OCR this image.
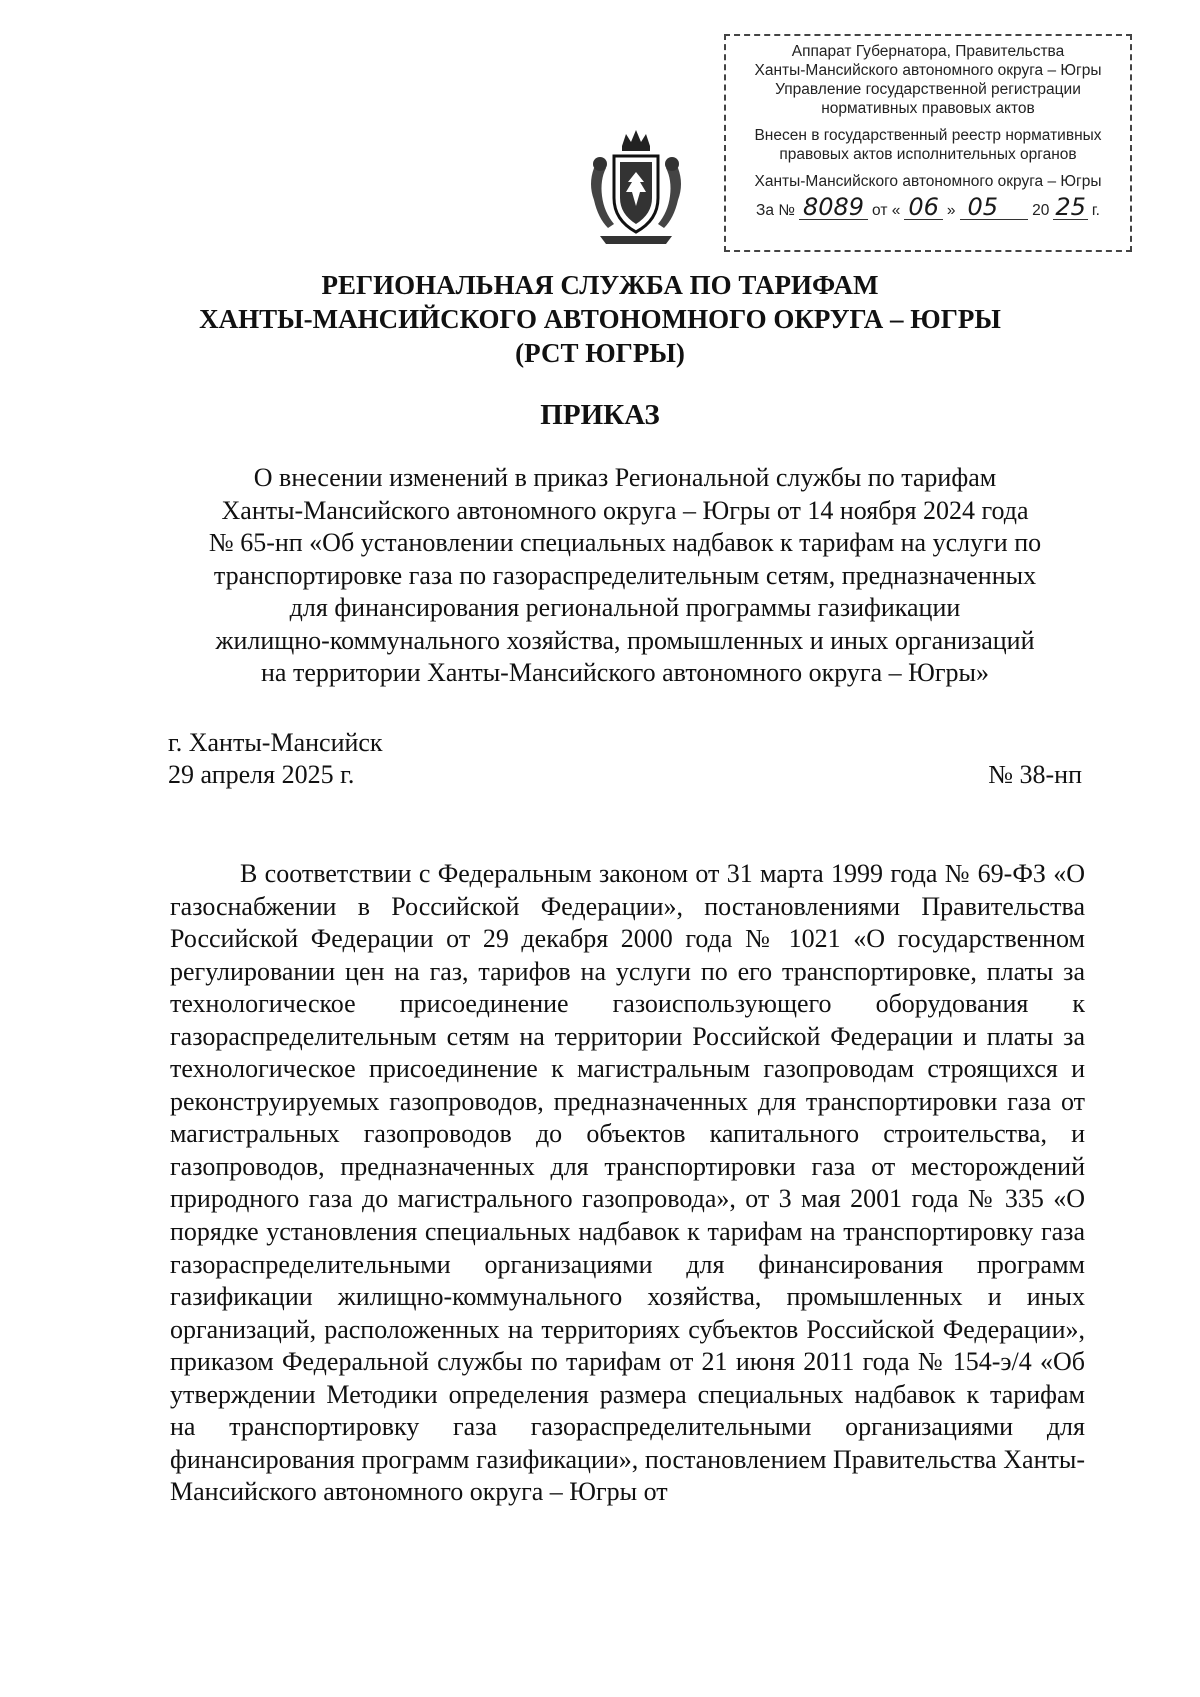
Аппарат Губернатора, Правительства
Ханты-Мансийского автономного округа – Югры
Управление государственной регистрации
нормативных правовых актов
Внесен в государственный реестр нормативных
правовых актов исполнительных органов
Ханты-Мансийского автономного округа – Югры
За № 8089 от « 06 » 05	20 25 г.
РЕГИОНАЛЬНАЯ СЛУЖБА ПО ТАРИФАМ
ХАНТЫ-МАНСИЙСКОГО АВТОНОМНОГО ОКРУГА – ЮГРЫ
(РСТ ЮГРЫ)
ПРИКАЗ
О внесении изменений в приказ Региональной службы по тарифам
Ханты-Мансийского автономного округа – Югры от 14 ноября 2024 года
№ 65-нп «Об установлении специальных надбавок к тарифам на услуги по
транспортировке газа по газораспределительным сетям, предназначенных
для финансирования региональной программы газификации
жилищно-коммунального хозяйства, промышленных и иных организаций
на территории Ханты-Мансийского автономного округа – Югры»
г. Ханты-Мансийск
29 апреля 2025 г.	№ 38-нп

В соответствии с Федеральным законом от 31 марта 1999 года № 69-ФЗ «О газоснабжении в Российской Федерации», постановлениями Правительства Российской Федерации от 29 декабря 2000 года № 1021 «О государственном регулировании цен на газ, тарифов на услуги по его транспортировке, платы за технологическое присоединение газоиспользующего оборудования к газораспределительным сетям на территории Российской Федерации и платы за технологическое присоединение к магистральным газопроводам строящихся и реконструируемых газопроводов, предназначенных для транспортировки газа от магистральных газопроводов до объектов капитального строительства, и газопроводов, предназначенных для транспортировки газа от месторождений природного газа до магистрального газопровода», от 3 мая 2001 года № 335 «О порядке установления специальных надбавок к тарифам на транспортировку газа газораспределительными организациями для финансирования программ газификации жилищно-коммунального хозяйства, промышленных и иных организаций, расположенных на территориях субъектов Российской Федерации», приказом Федеральной службы по тарифам от 21 июня 2011 года № 154-э/4 «Об утверждении Методики определения размера специальных надбавок к тарифам на транспортировку газа газораспределительными организациями для финансирования программ газификации», постановлением Правительства Ханты-Мансийского автономного округа – Югры от
